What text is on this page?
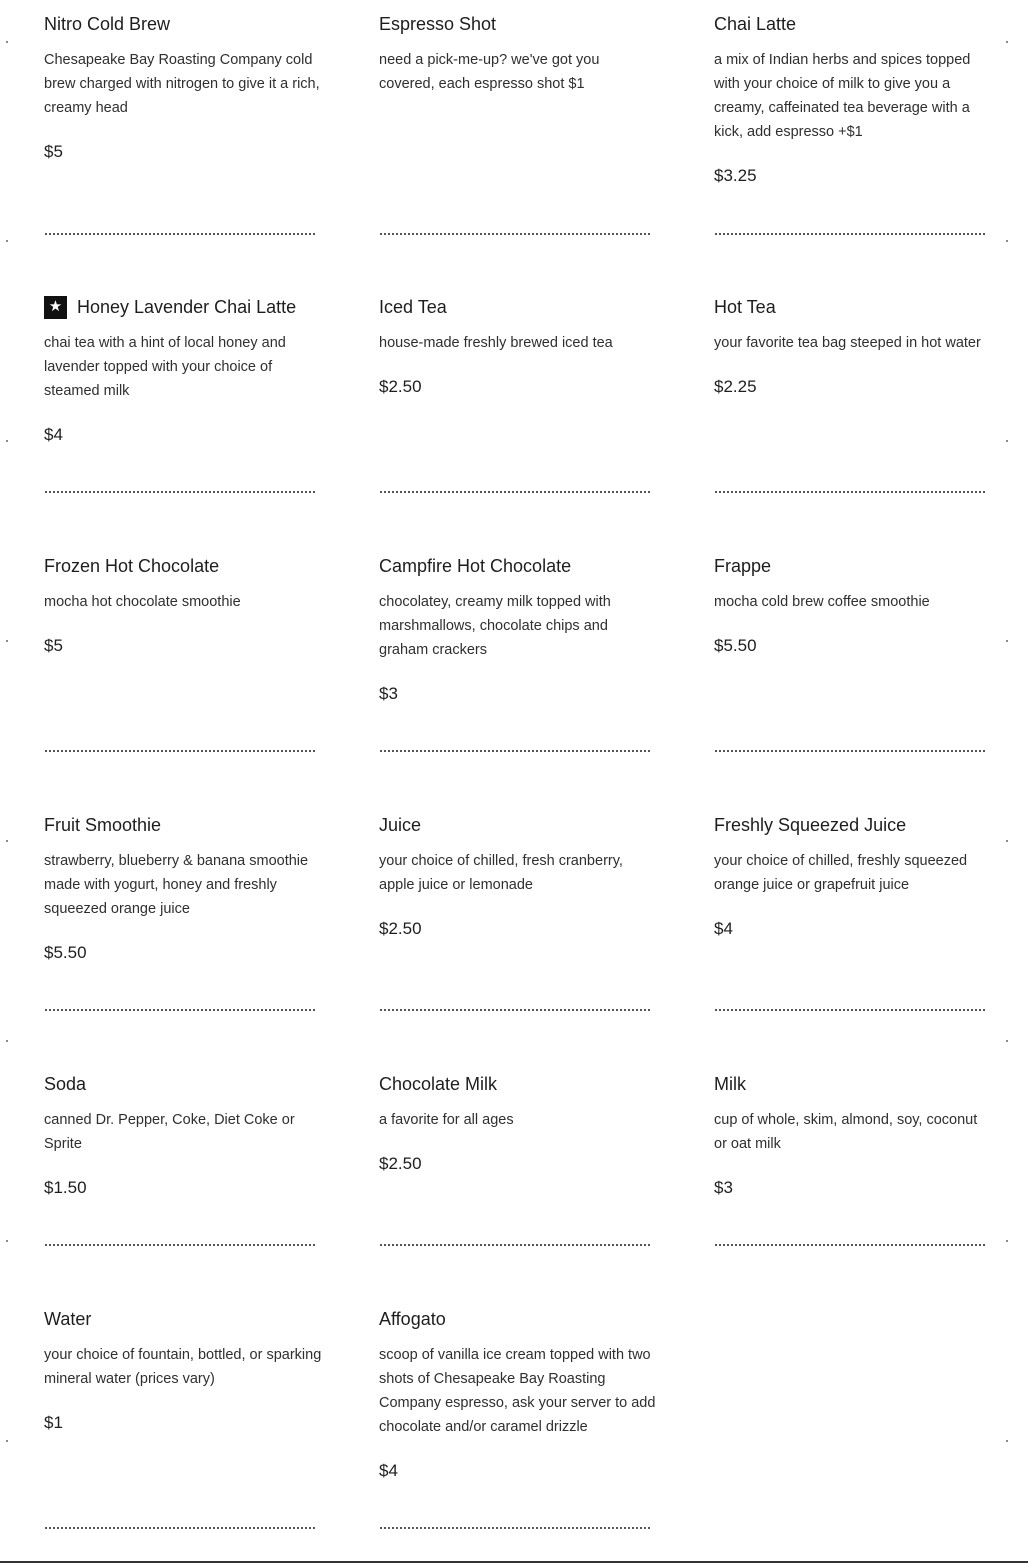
Nitro Cold Brew
Chesapeake Bay Roasting Company cold brew charged with nitrogen to give it a rich, creamy head
$5
Espresso Shot
need a pick-me-up? we've got you covered, each espresso shot $1
Chai Latte
a mix of Indian herbs and spices topped with your choice of milk to give you a creamy, caffeinated tea beverage with a kick, add espresso +$1
$3.25
★ Honey Lavender Chai Latte
chai tea with a hint of local honey and lavender topped with your choice of steamed milk
$4
Iced Tea
house-made freshly brewed iced tea
$2.50
Hot Tea
your favorite tea bag steeped in hot water
$2.25
Frozen Hot Chocolate
mocha hot chocolate smoothie
$5
Campfire Hot Chocolate
chocolatey, creamy milk topped with marshmallows, chocolate chips and graham crackers
$3
Frappe
mocha cold brew coffee smoothie
$5.50
Fruit Smoothie
strawberry, blueberry & banana smoothie made with yogurt, honey and freshly squeezed orange juice
$5.50
Juice
your choice of chilled, fresh cranberry, apple juice or lemonade
$2.50
Freshly Squeezed Juice
your choice of chilled, freshly squeezed orange juice or grapefruit juice
$4
Soda
canned Dr. Pepper, Coke, Diet Coke or Sprite
$1.50
Chocolate Milk
a favorite for all ages
$2.50
Milk
cup of whole, skim, almond, soy, coconut or oat milk
$3
Water
your choice of fountain, bottled, or sparking mineral water (prices vary)
$1
Affogato
scoop of vanilla ice cream topped with two shots of Chesapeake Bay Roasting Company espresso, ask your server to add chocolate and/or caramel drizzle
$4
